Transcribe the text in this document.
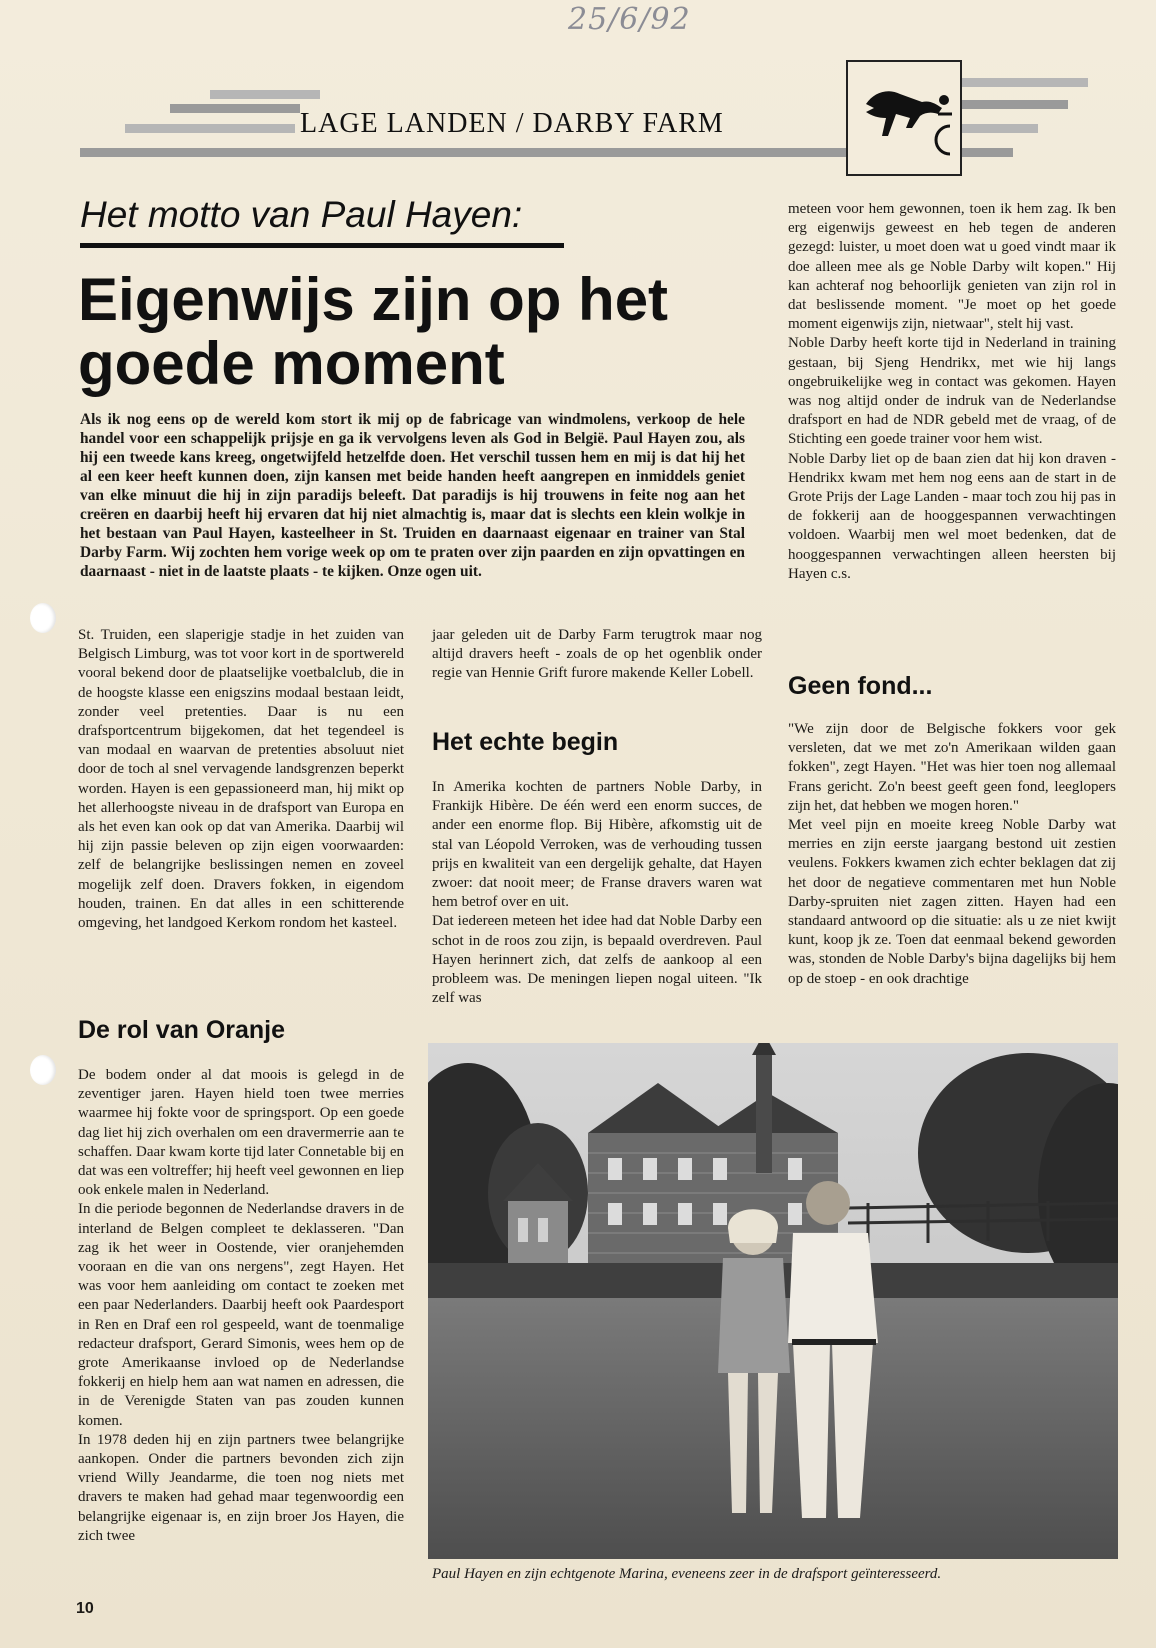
25/6/92
LAGE LANDEN / DARBY FARM
Het motto van Paul Hayen:
Eigenwijs zijn op het goede moment

Als ik nog eens op de wereld kom stort ik mij op de fabricage van windmolens, verkoop de hele handel voor een schappelijk prijsje en ga ik vervolgens leven als God in België. Paul Hayen zou, als hij een tweede kans kreeg, ongetwijfeld hetzelfde doen. Het verschil tussen hem en mij is dat hij het al een keer heeft kunnen doen, zijn kansen met beide handen heeft aangrepen en inmiddels geniet van elke minuut die hij in zijn paradijs beleeft. Dat paradijs is hij trouwens in feite nog aan het creëren en daarbij heeft hij ervaren dat hij niet almachtig is, maar dat is slechts een klein wolkje in het bestaan van Paul Hayen, kasteelheer in St. Truiden en daarnaast eigenaar en trainer van Stal Darby Farm. Wij zochten hem vorige week op om te praten over zijn paarden en zijn opvattingen en daarnaast - niet in de laatste plaats - te kijken. Onze ogen uit.

St. Truiden, een slaperigje stadje in het zuiden van Belgisch Limburg, was tot voor kort in de sportwereld vooral bekend door de plaatselijke voetbalclub, die in de hoogste klasse een enigszins modaal bestaan leidt, zonder veel pretenties. Daar is nu een drafsportcentrum bijgekomen, dat het tegendeel is van modaal en waarvan de pretenties absoluut niet door de toch al snel vervagende landsgrenzen beperkt worden. Hayen is een gepassioneerd man, hij mikt op het allerhoogste niveau in de drafsport van Europa en als het even kan ook op dat van Amerika. Daarbij wil hij zijn passie beleven op zijn eigen voorwaarden: zelf de belangrijke beslissingen nemen en zoveel mogelijk zelf doen. Dravers fokken, in eigendom houden, trainen. En dat alles in een schitterende omgeving, het landgoed Kerkom rondom het kasteel.

De rol van Oranje

De bodem onder al dat moois is gelegd in de zeventiger jaren. Hayen hield toen twee merries waarmee hij fokte voor de springsport. Op een goede dag liet hij zich overhalen om een dravermerrie aan te schaffen. Daar kwam korte tijd later Connetable bij en dat was een voltreffer; hij heeft veel gewonnen en liep ook enkele malen in Nederland.

In die periode begonnen de Nederlandse dravers in de interland de Belgen compleet te deklasseren. "Dan zag ik het weer in Oostende, vier oranjehemden vooraan en die van ons nergens", zegt Hayen. Het was voor hem aanleiding om contact te zoeken met een paar Nederlanders. Daarbij heeft ook Paardesport in Ren en Draf een rol gespeeld, want de toenmalige redacteur drafsport, Gerard Simonis, wees hem op de grote Amerikaanse invloed op de Nederlandse fokkerij en hielp hem aan wat namen en adressen, die in de Verenigde Staten van pas zouden kunnen komen.

In 1978 deden hij en zijn partners twee belangrijke aankopen. Onder die partners bevonden zich zijn vriend Willy Jeandarme, die toen nog niets met dravers te maken had gehad maar tegenwoordig een belangrijke eigenaar is, en zijn broer Jos Hayen, die zich twee

jaar geleden uit de Darby Farm terugtrok maar nog altijd dravers heeft - zoals de op het ogenblik onder regie van Hennie Grift furore makende Keller Lobell.

Het echte begin

In Amerika kochten de partners Noble Darby, in Frankijk Hibère. De één werd een enorm succes, de ander een enorme flop. Bij Hibère, afkomstig uit de stal van Léopold Verroken, was de verhouding tussen prijs en kwaliteit van een dergelijk gehalte, dat Hayen zwoer: dat nooit meer; de Franse dravers waren wat hem betrof over en uit.

Dat iedereen meteen het idee had dat Noble Darby een schot in de roos zou zijn, is bepaald overdreven. Paul Hayen herinnert zich, dat zelfs de aankoop al een probleem was. De meningen liepen nogal uiteen. "Ik zelf was

meteen voor hem gewonnen, toen ik hem zag. Ik ben erg eigenwijs geweest en heb tegen de anderen gezegd: luister, u moet doen wat u goed vindt maar ik doe alleen mee als ge Noble Darby wilt kopen." Hij kan achteraf nog behoorlijk genieten van zijn rol in dat beslissende moment. "Je moet op het goede moment eigenwijs zijn, nietwaar", stelt hij vast.

Noble Darby heeft korte tijd in Nederland in training gestaan, bij Sjeng Hendrikx, met wie hij langs ongebruikelijke weg in contact was gekomen. Hayen was nog altijd onder de indruk van de Nederlandse drafsport en had de NDR gebeld met de vraag, of de Stichting een goede trainer voor hem wist.

Noble Darby liet op de baan zien dat hij kon draven - Hendrikx kwam met hem nog eens aan de start in de Grote Prijs der Lage Landen - maar toch zou hij pas in de fokkerij aan de hooggespannen verwachtingen voldoen. Waarbij men wel moet bedenken, dat de hooggespannen verwachtingen alleen heersten bij Hayen c.s.

Geen fond...

"We zijn door de Belgische fokkers voor gek versleten, dat we met zo'n Amerikaan wilden gaan fokken", zegt Hayen. "Het was hier toen nog allemaal Frans gericht. Zo'n beest geeft geen fond, leeglopers zijn het, dat hebben we mogen horen."

Met veel pijn en moeite kreeg Noble Darby wat merries en zijn eerste jaargang bestond uit zestien veulens. Fokkers kwamen zich echter beklagen dat zij het door de negatieve commentaren met hun Noble Darby-spruiten niet zagen zitten. Hayen had een standaard antwoord op die situatie: als u ze niet kwijt kunt, koop jk ze. Toen dat eenmaal bekend geworden was, stonden de Noble Darby's bijna dagelijks bij hem op de stoep - en ook drachtige

Paul Hayen en zijn echtgenote Marina, eveneens zeer in de drafsport geïnteresseerd.
10
